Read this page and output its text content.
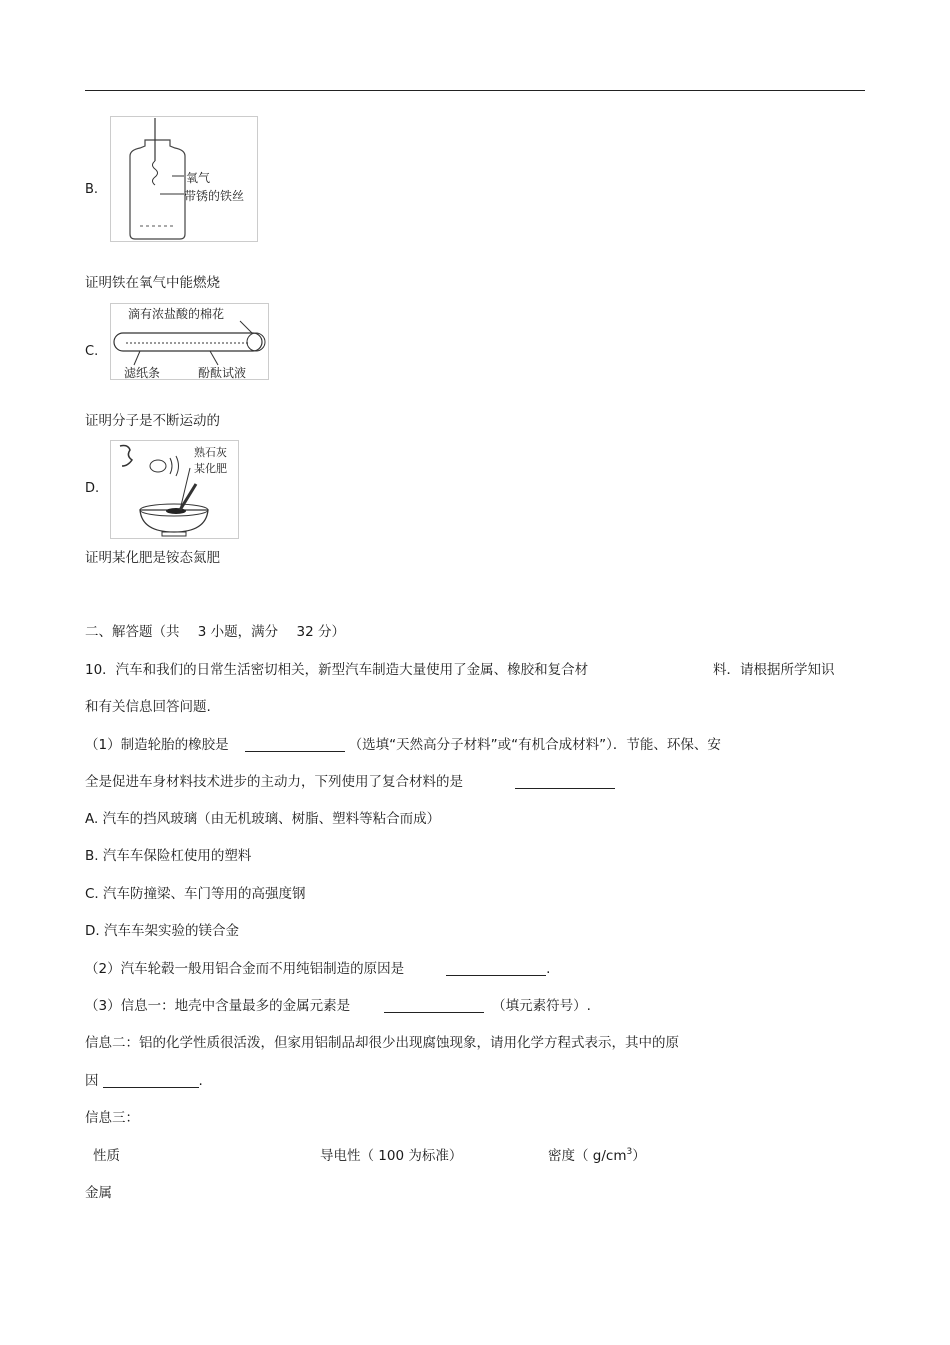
B.
氧气
带锈的铁丝
证明铁在氧气中能燃烧
C.
滴有浓盐酸的棉花
滤纸条	酚酞试液
证明分子是不断运动的
D.
熟石灰
某化肥
证明某化肥是铵态氮肥
二、解答题（共 3 小题，满分 32 分）
10．汽车和我们的日常生活密切相关，新型汽车制造大量使用了金属、橡胶和复合材	料．请根据所学知识
和有关信息回答问题.
（1）制造轮胎的橡胶是	（选填“天然高分子材料”或“有机合成材料”）．节能、环保、安
全是促进车身材料技术进步的主动力，下列使用了复合材料的是
A. 汽车的挡风玻璃（由无机玻璃、树脂、塑料等粘合而成）
B. 汽车车保险杠使用的塑料
C. 汽车防撞梁、车门等用的高强度钢
D. 汽车车架实验的镁合金
（2）汽车轮毂一般用铝合金而不用纯铝制造的原因是	.
（3）信息一：地壳中含量最多的金属元素是	（填元素符号）.
信息二：铝的化学性质很活泼，但家用铝制品却很少出现腐蚀现象，请用化学方程式表示，其中的原
因	.
信息三：
性质	导电性（ 100 为标准）	密度（ $g/cm^3$）
金属
